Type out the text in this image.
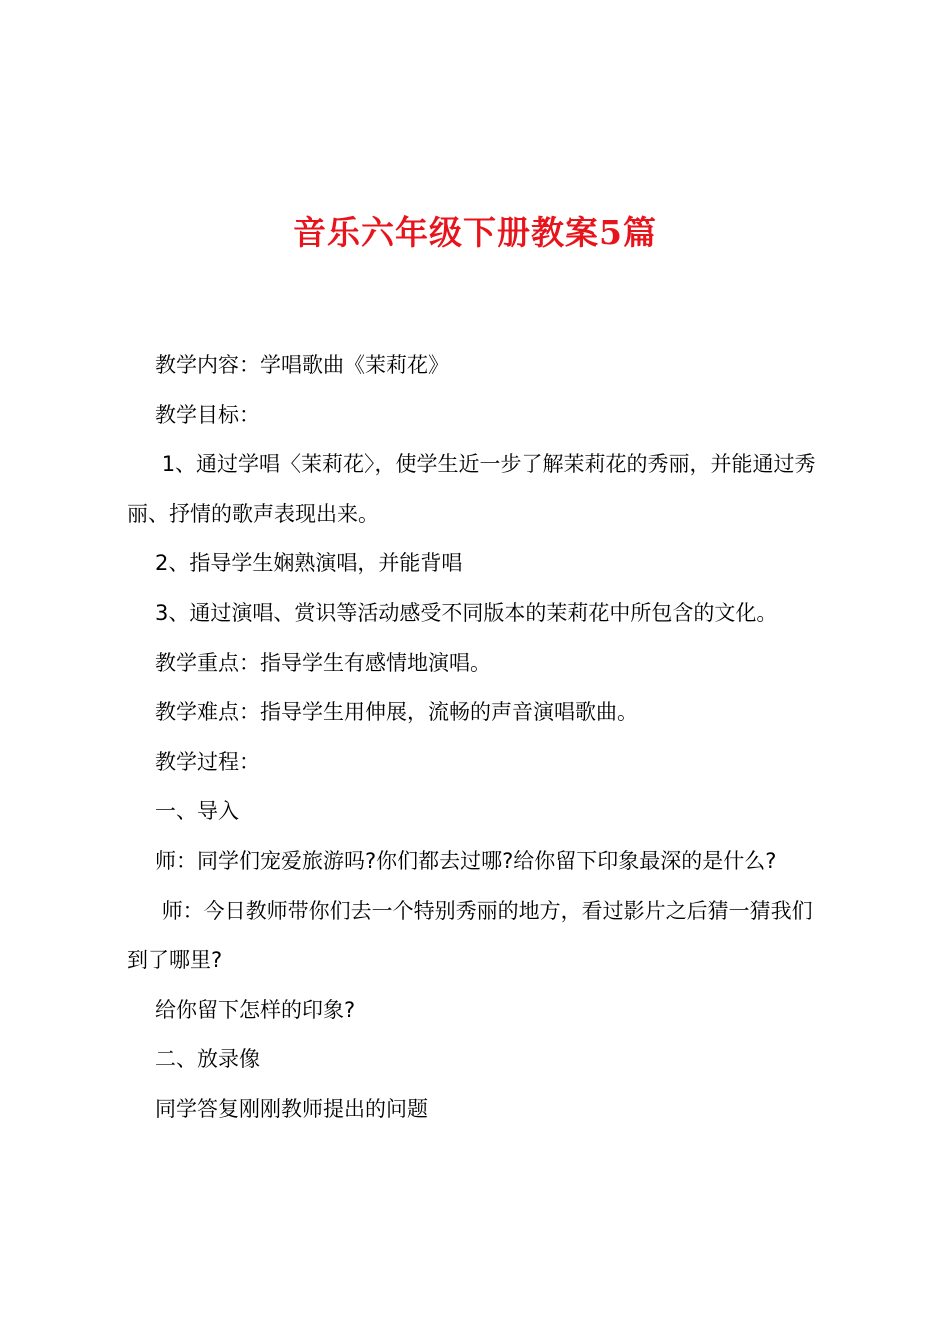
音乐六年级下册教案5篇

教学内容：学唱歌曲《茉莉花》

教学目标：

1、通过学唱〈茉莉花〉，使学生近一步了解茉莉花的秀丽，并能通过秀丽、抒情的歌声表现出来。

2、指导学生娴熟演唱，并能背唱

3、通过演唱、赏识等活动感受不同版本的茉莉花中所包含的文化。

教学重点：指导学生有感情地演唱。

教学难点：指导学生用伸展，流畅的声音演唱歌曲。

教学过程：

一、导入

师：同学们宠爱旅游吗?你们都去过哪?给你留下印象最深的是什么?

师：今日教师带你们去一个特别秀丽的地方，看过影片之后猜一猜我们到了哪里?

给你留下怎样的印象?

二、放录像

同学答复刚刚教师提出的问题
